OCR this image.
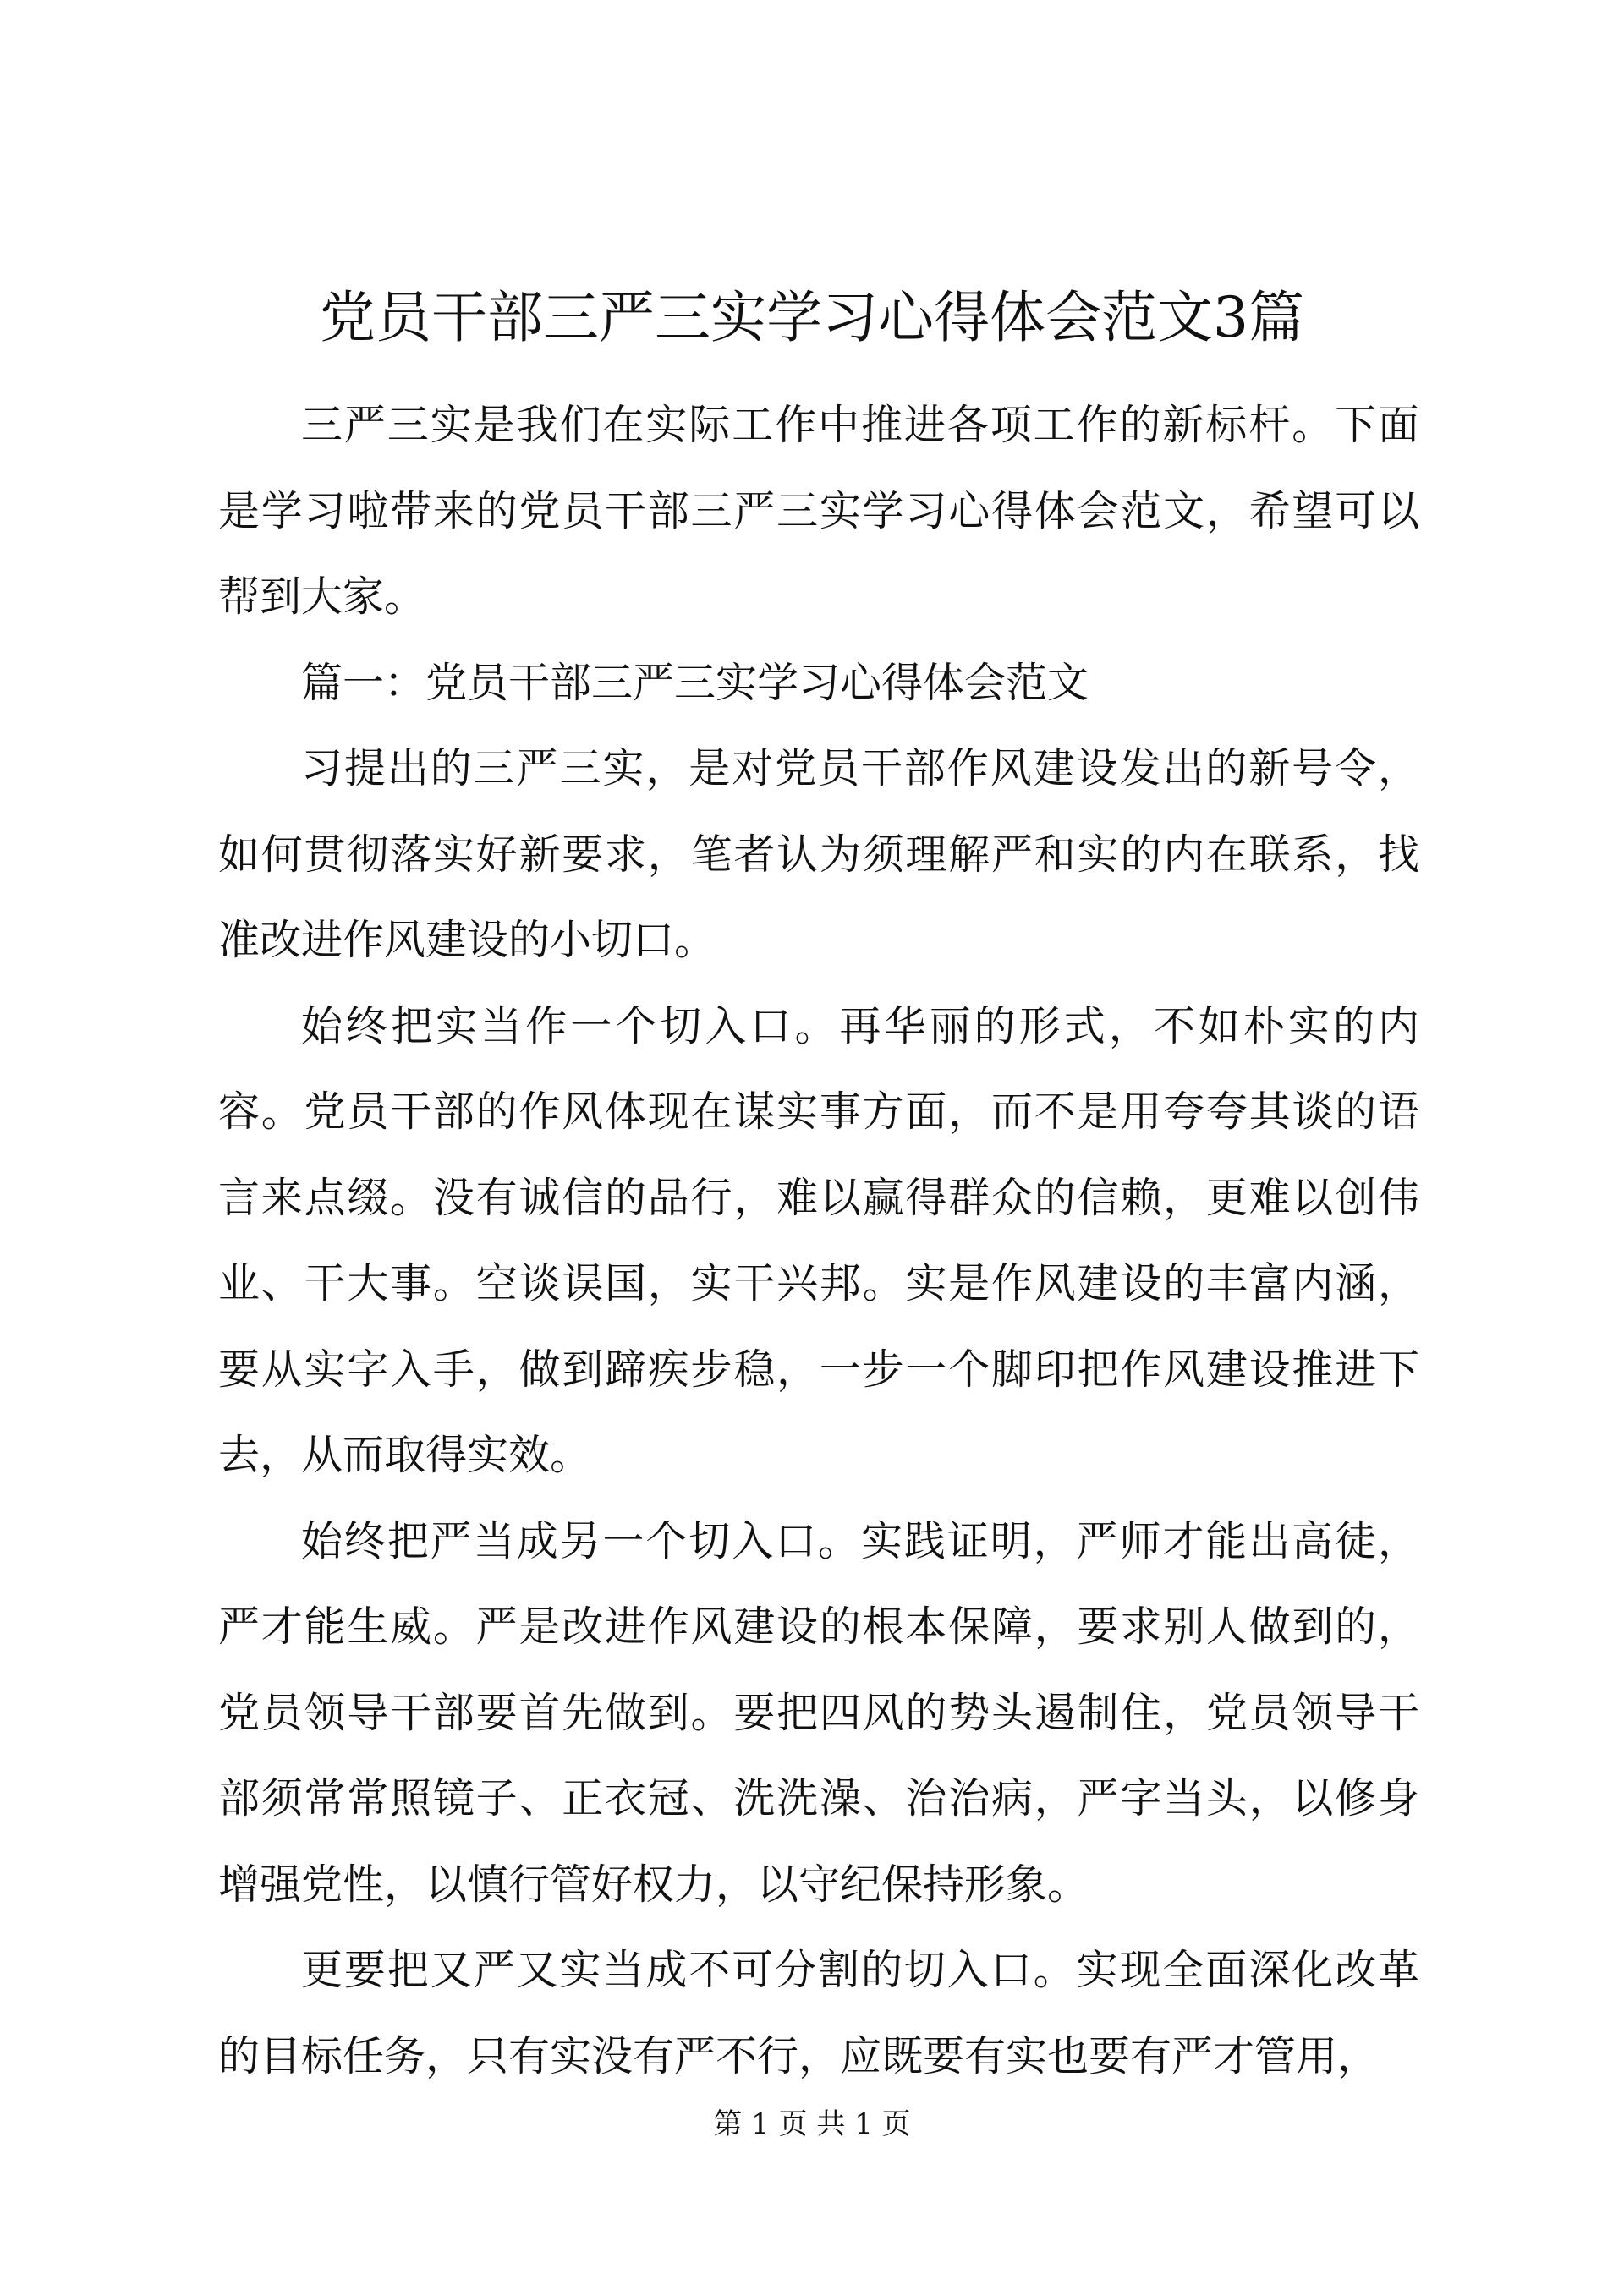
党员干部三严三实学习心得体会范文3篇

三严三实是我们在实际工作中推进各项工作的新标杆。下面是学习啦带来的党员干部三严三实学习心得体会范文，希望可以帮到大家。

篇一：党员干部三严三实学习心得体会范文

习提出的三严三实，是对党员干部作风建设发出的新号令，如何贯彻落实好新要求，笔者认为须理解严和实的内在联系，找准改进作风建设的小切口。

始终把实当作一个切入口。再华丽的形式，不如朴实的内容。党员干部的作风体现在谋实事方面，而不是用夸夸其谈的语言来点缀。没有诚信的品行，难以赢得群众的信赖，更难以创伟业、干大事。空谈误国，实干兴邦。实是作风建设的丰富内涵，要从实字入手，做到蹄疾步稳，一步一个脚印把作风建设推进下去，从而取得实效。

始终把严当成另一个切入口。实践证明，严师才能出高徒，严才能生威。严是改进作风建设的根本保障，要求别人做到的，党员领导干部要首先做到。要把四风的势头遏制住，党员领导干部须常常照镜子、正衣冠、洗洗澡、治治病，严字当头，以修身增强党性，以慎行管好权力，以守纪保持形象。

更要把又严又实当成不可分割的切入口。实现全面深化改革的目标任务，只有实没有严不行，应既要有实也要有严才管用，

第 1 页 共 1 页
